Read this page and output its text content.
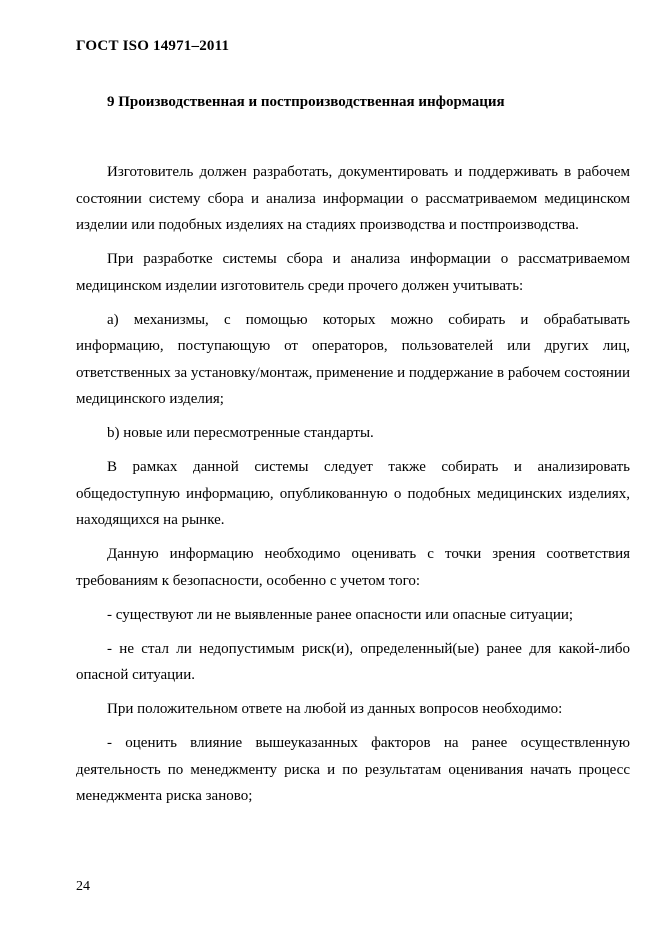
ГОСТ ISO 14971–2011
9 Производственная и постпроизводственная информация

Изготовитель должен разработать, документировать и поддерживать в рабочем состоянии систему сбора и анализа информации о рассматриваемом медицинском изделии или подобных изделиях на стадиях производства и постпроизводства.

При разработке системы сбора и анализа информации о рассматриваемом медицинском изделии изготовитель среди прочего должен учитывать:

а) механизмы, с помощью которых можно собирать и обрабатывать информацию, поступающую от операторов, пользователей или других лиц, ответственных за установку/монтаж, применение и поддержание в рабочем состоянии медицинского изделия;

b) новые или пересмотренные стандарты.

В рамках данной системы следует также собирать и анализировать общедоступную информацию, опубликованную о подобных медицинских изделиях, находящихся на рынке.

Данную информацию необходимо оценивать с точки зрения соответствия требованиям к безопасности, особенно с учетом того:

- существуют ли не выявленные ранее опасности или опасные ситуации;

- не стал ли недопустимым риск(и), определенный(ые) ранее для какой-либо опасной ситуации.

При положительном ответе на любой из данных вопросов необходимо:

- оценить влияние вышеуказанных факторов на ранее осуществленную деятельность по менеджменту риска и по результатам оценивания начать процесс менеджмента риска заново;

24
